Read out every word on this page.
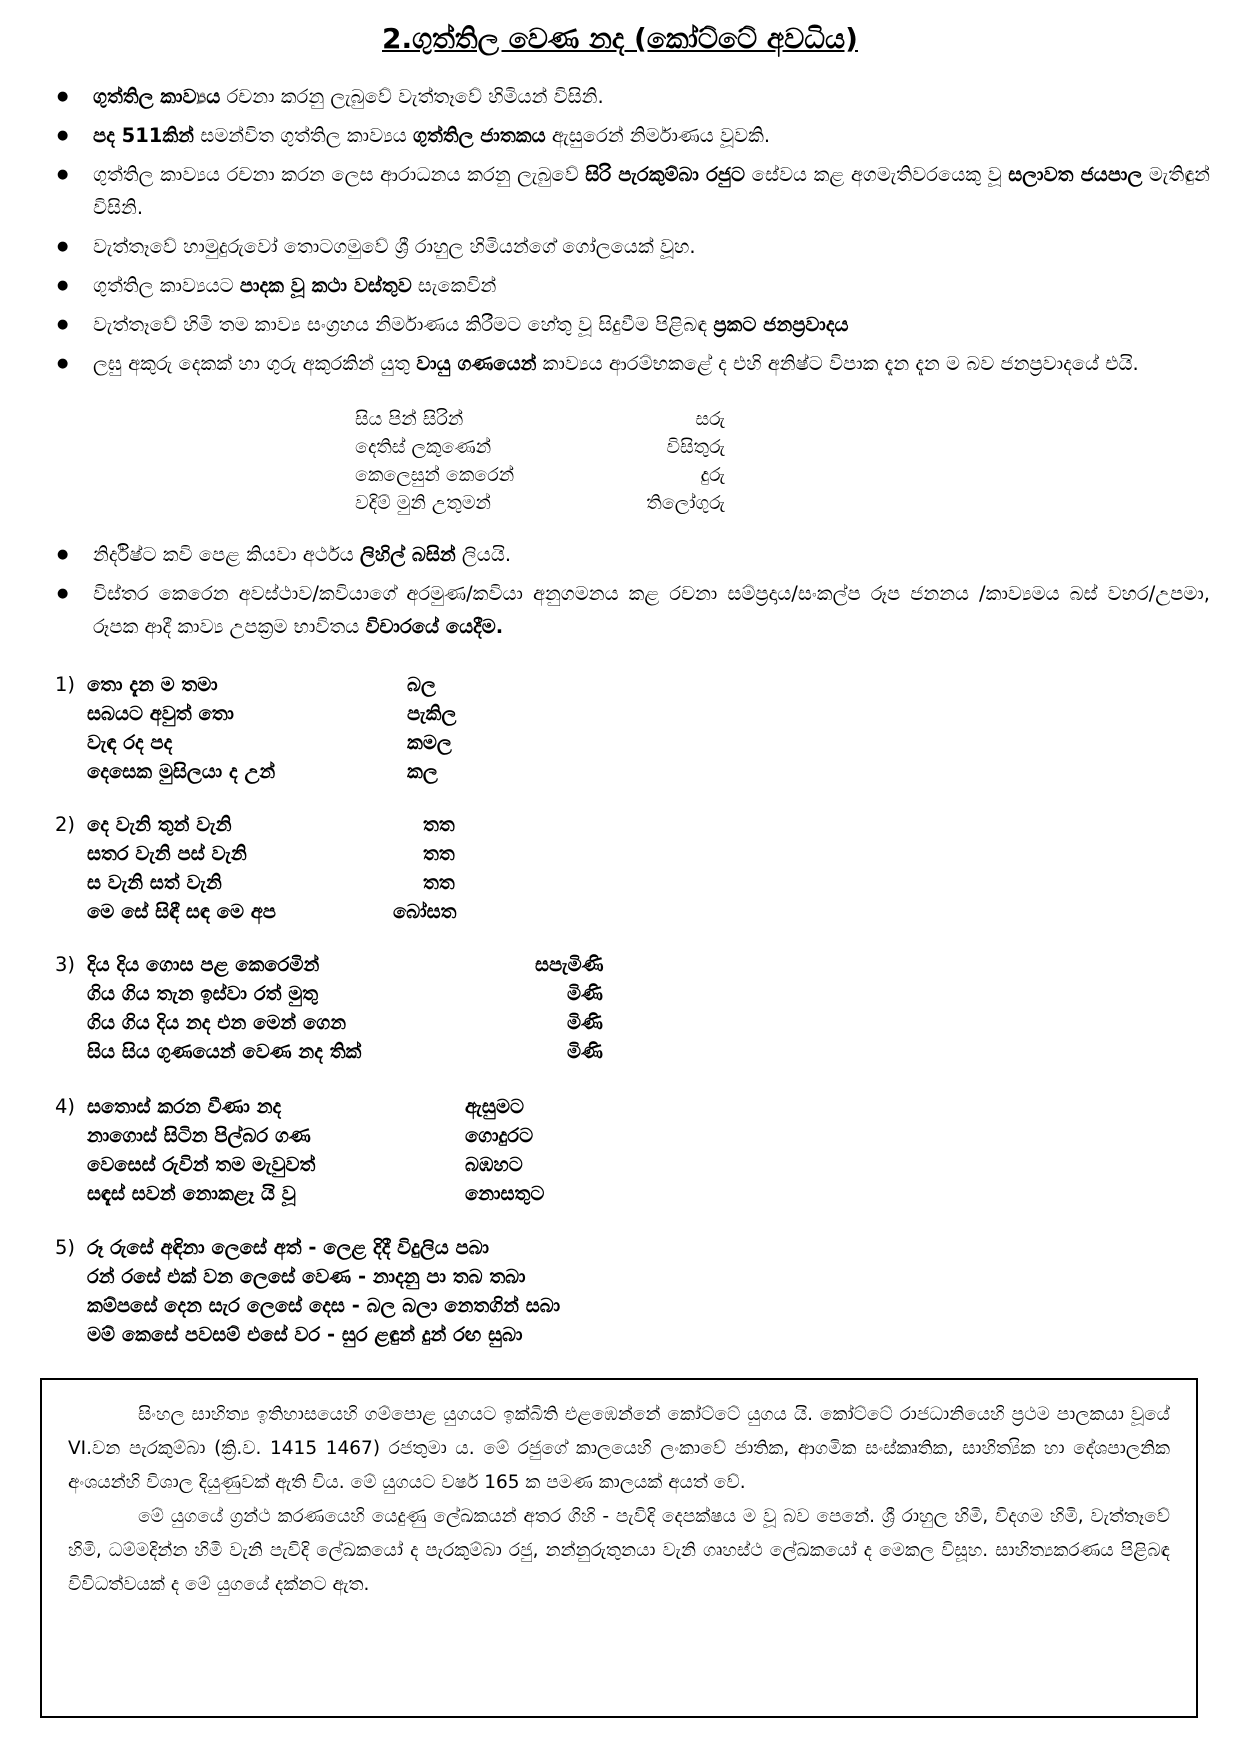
2.ගුත්තිල වෙණ නද (කෝට්ටේ අවධිය)
● ගුත්තිල කාව්‍යය රචනා කරනු ලැබුවේ වැත්තෑවේ හිමියන් විසිනි.
● පද 511කින් සමන්විත ගුත්තිල කාව්‍යය ගුත්තිල ජාතකය ඇසුරෙන් නිර්මාණය වූවකි.
● ගුත්තිල කාව්‍යය රචනා කරන ලෙස ආරාධනය කරනු ලැබුවේ සිරි පැරකුම්බා රජුට සේවය කළ අගමැතිවරයෙකු වූ සලාවත ජයපාල මැතිඳුන් විසිනි.
● වැත්තෑවේ හාමුදුරුවෝ තොටගමුවේ ශ්‍රී රාහුල හිමියන්ගේ ගෝලයෙක් වූහ.
● ගුත්තිල කාව්‍යයට පාදක වූ කථා වස්තුව සැකෙවින්
● වැත්තෑවේ හිමි තම කාව්‍ය සංග්‍රහය නිර්මාණය කිරීමට හේතු වූ සිදුවීම පිළිබඳ ප්‍රකට ජනප්‍රවාදය
● ලඝු අකුරු දෙකක් හා ගුරු අකුරකින් යුතු වායු ගණයෙන් කාව්‍යය ආරම්භකළේ ද එහි අනිෂ්ට විපාක දැන දැන ම බව ජනප්‍රවාදයේ එයි.
සිය පින් සිරින්	සරු
දෙතිස් ලකුණෙන්	විසිතුරු
කෙලෙසුන් කෙරෙන්	දුරු
වදිම් මුනි උතුමන්	තිලෝගුරු
● නිර්දිෂ්ට කවි පෙළ කියවා අර්ථය ලිහිල් බසින් ලියයි.
● විස්තර කෙරෙන අවස්ථාව/කවියාගේ අරමුණ/කවියා අනුගමනය කළ රචනා සම්ප්‍රදාය/සංකල්ප රූප ජනනය /කාව්‍යමය බස් වහර/උපමා, රූපක ආදී කාව්‍ය උපක්‍රම භාවිතය විචාරයේ යෙදීම.
1) තො දැන ම තමා	බල
සබයට අවුත් තො	පැකිල
වැඳ රද පද	කමල
දෙසෙක මුසිලයා ද උන්	කල
2) දෙ වැනි තුන් වැනි	තත
සතර වැනි පස් වැනි	තත
ස වැනි සත් වැනි	තත
මෙ සේ සිඳී සඳ මෙ අප	බෝසත
3) දිය දිය ගොස පළ කෙරෙමින්	සපැමිණි
ගිය ගිය තැන ඉස්වා රත් මුතු	මිණි
ගිය ගිය දිය නද එන මෙන් ගෙන	මිණි
සිය සිය ගුණයෙන් වෙණ නද තික්	මිණි
4) සතොස් කරන වීණා නද	ඇසුමට
නාගොස් සිටින පිල්බර ගණ	ගොදුරට
වෙසෙස් රුවින් තම මැවුවත්	බඹහට
සඳැස් සවන් නොකළෑ යි වූ	නොසතුට
5) රූ රුසේ අඳිනා ලෙසේ අත් - ලෙළ දිදී විදුලිය පබා
රන් රසේ එක් වන ලෙසේ වෙණ - නාදනු පා තබ තබා
කම්පසේ දෙන සැර ලෙසේ දෙස - බල බලා නෙතගින් සබා
මම් කෙසේ පවසම් එසේ වර - සුර ළඳුන් දුන් රඟ සුබා

සිංහල සාහිත්‍ය ඉතිහාසයෙහි ගම්පොළ යුගයට ඉක්බිති එළඹෙන්නේ කෝට්ටේ යුගය යි. කෝට්ටේ රාජධානියෙහි ප්‍රථම පාලකයා වූයේ VI.වන පැරකුම්බා (ක්‍රි.ව. 1415 1467) රජතුමා ය. මේ රජුගේ කාලයෙහි ලංකාවේ ජාතික, ආගමික සංස්කෘතික, සාහිත්‍යික හා දේශපාලනික අංශයන්හි විශාල දියුණුවක් ඇති විය. මේ යුගයට වර්ෂ 165 ක පමණ කාලයක් අයත් වේ.

මේ යුගයේ ග්‍රන්ථ කරණයෙහි යෙදුණු ලේඛකයන් අතර ගිහි - පැවිදි දෙපක්ෂය ම වූ බව පෙනේ. ශ්‍රී රාහුල හිමි, විදගම හිමි, වැත්තෑවේ හිමි, ධම්මදින්න හිමි වැනි පැවිදි ලේඛකයෝ ද පැරකුම්බා රජු, නන්නුරුතුනයා වැනි ගෘහස්ථ ලේඛකයෝ ද මෙකල විසූහ. සාහිත්‍යකරණය පිළිබඳ විවිධත්වයක් ද මේ යුගයේ දක්නට ඇත.
